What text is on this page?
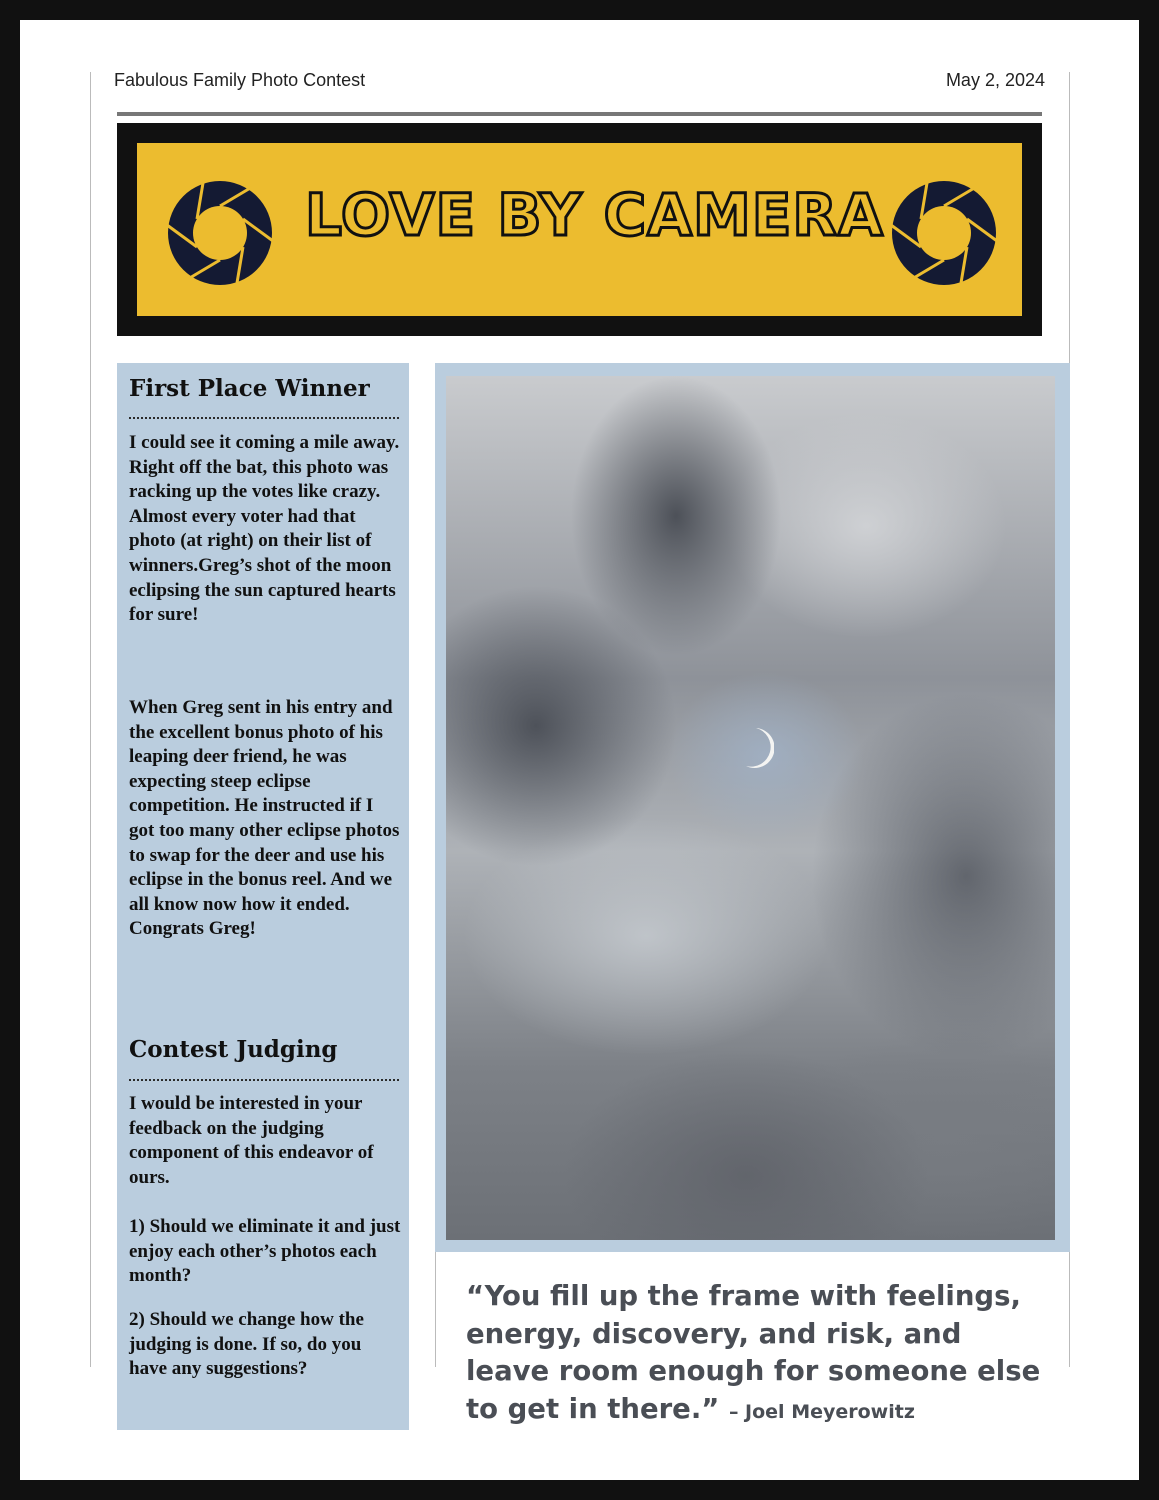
Fabulous Family Photo Contest	May 2, 2024
LOVE BY CAMERA
First Place Winner

I could see it coming a mile away. Right off the bat, this photo was racking up the votes like crazy. Almost every voter had that photo (at right) on their list of winners.Greg’s shot of the moon eclipsing the sun captured hearts for sure!

When Greg sent in his entry and the excellent bonus photo of his leaping deer friend, he was expecting steep eclipse competition. He instructed if I got too many other eclipse photos to swap for the deer and use his eclipse in the bonus reel. And we all know now how it ended. Congrats Greg!

Contest Judging

I would be interested in your feedback on the judging component of this endeavor of ours.

1) Should we eliminate it and just enjoy each other’s photos each month?

2) Should we change how the judging is done. If so, do you have any suggestions?

“You fill up the frame with feelings, energy, discovery, and risk, and leave room enough for someone else to get in there.” – Joel Meyerowitz
